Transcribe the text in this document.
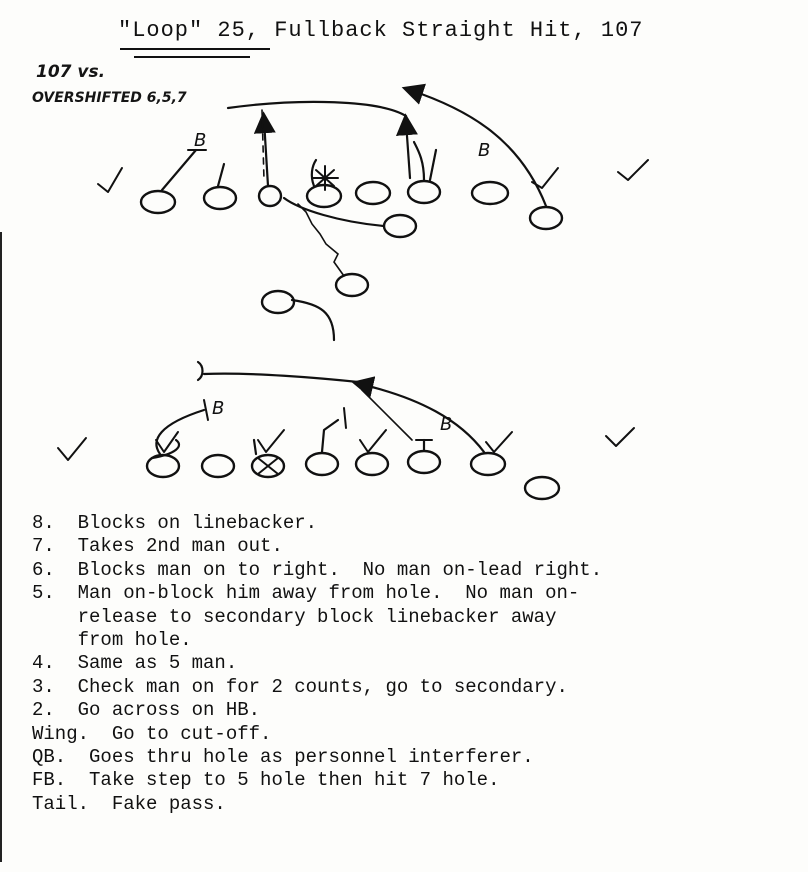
"Loop" 25, Fullback Straight Hit, 107
107 vs.
OVERSHIFTED 6,5,7
B	B
B
B
8.  Blocks on linebacker.
7.  Takes 2nd man out.
6.  Blocks man on to right.  No man on-lead right.
5.  Man on-block him away from hole.  No man on-
release to secondary block linebacker away
from hole.
4.  Same as 5 man.
3.  Check man on for 2 counts, go to secondary.
2.  Go across on HB.
Wing.  Go to cut-off.
QB.  Goes thru hole as personnel interferer.
FB.  Take step to 5 hole then hit 7 hole.
Tail.  Fake pass.
